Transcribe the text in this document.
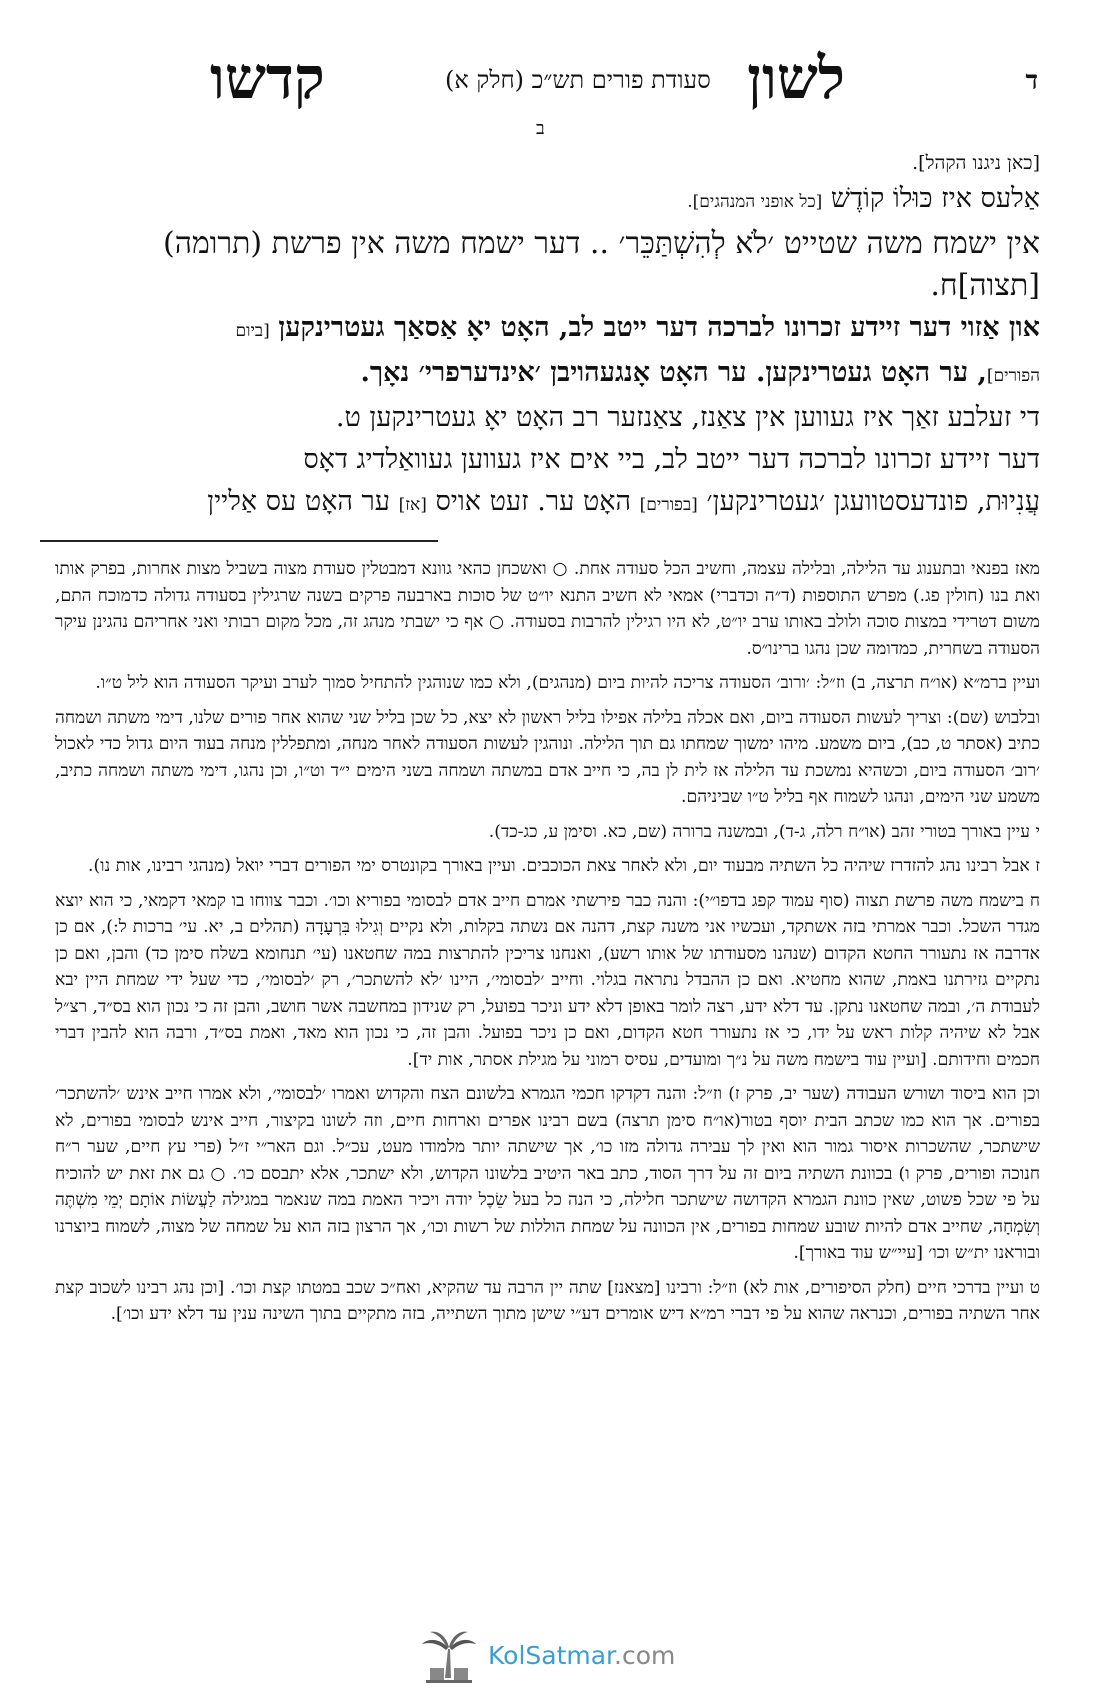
ד
לשון
סעודת פורים תש״כ (חלק א)
קדשו
ב

[כאן ניגנו הקהל].

אַלעס איז כּוּלוֹ קוֹדֶשׁ [כל אופני המנהגים].

אין ישמח משה שטייט ׳לֹא לְהִשְׁתַּכֵּר׳ .. דער ישמח משה אין פרשת (תרומה)

[תצוה]ח.

און אַזוי דער זיידע זכרונו לברכה דער ייטב לב, האָט יאָ אַסאַך געטרינקען [ביום

הפורים], ער האָט געטרינקען. ער האָט אָנגעהויבן ׳אינדערפרי׳ נאָך.

די זעלבע זאַך איז געווען אין צאַנז, צאַנזער רב האָט יאָ געטרינקען ט.

דער זיידע זכרונו לברכה דער ייטב לב, ביי אים איז געווען געוואַלדיג דאָס

עֲנִיוּת, פונדעסטוועגן ׳געטרינקען׳ [בפורים] האָט ער. זעט אויס [אז] ער האָט עס אַליין

מאז בפנאי ובתענוג עד הלילה, ובלילה עצמה, וחשיב הכל סעודה אחת. ○ ואשכחן כהאי גוונא דמבטלין סעודת מצוה בשביל מצות אחרות, בפרק אותו ואת בנו (חולין פג.) מפרש התוספות (ד״ה וכדברי) אמאי לא חשיב התנא יו״ט של סוכות בארבעה פרקים בשנה שרגילין בסעודה גדולה כדמוכח התם, משום דטרידי במצות סוכה ולולב באותו ערב יו״ט, לא היו רגילין להרבות בסעודה. ○ אף כי ישבתי מנהג זה, מכל מקום רבותי ואני אחריהם נהגינן עיקר הסעודה בשחרית, כמדומה שכן נהגו ברינו״ס.

ועיין ברמ״א (או״ח תרצה, ב) וז״ל: ׳ורוב׳ הסעודה צריכה להיות ביום (מנהגים), ולא כמו שנוהגין להתחיל סמוך לערב ועיקר הסעודה הוא ליל ט״ו.

ובלבוש (שם): וצריך לעשות הסעודה ביום, ואם אכלה בלילה אפילו בליל ראשון לא יצא, כל שכן בליל שני שהוא אחר פורים שלנו, דימי משתה ושמחה כתיב (אסתר ט, כב), ביום משמע. מיהו ימשוך שמחתו גם תוך הלילה. ונוהגין לעשות הסעודה לאחר מנחה, ומתפללין מנחה בעוד היום גדול כדי לאכול ׳רוב׳ הסעודה ביום, וכשהיא נמשכת עד הלילה אז לית לן בה, כי חייב אדם במשתה ושמחה בשני הימים י״ד וט״ו, וכן נהגו, דימי משתה ושמחה כתיב, משמע שני הימים, ונהגו לשמוח אף בליל ט״ו שביניהם.

י עיין באורך בטורי זהב (או״ח רלה, ג-ד), ובמשנה ברורה (שם, כא. וסימן ע, כג-כד).

ז אבל רבינו נהג להזדרז שיהיה כל השתיה מבעוד יום, ולא לאחר צאת הכוכבים. ועיין באורך בקונטרס ימי הפורים דברי יואל (מנהגי רבינו, אות נו).

ח בישמח משה פרשת תצוה (סוף עמוד קפג בדפו״י): והנה כבר פירשתי אמרם חייב אדם לבסומי בפוריא וכו׳. וכבר צווחו בו קמאי דקמאי, כי הוא יוצא מגדר השכל. וכבר אמרתי בזה אשתקד, ועכשיו אני משנה קצת, דהנה אם נשתה בקלות, ולא נקיים וְגִילוּ בִּרְעָדָה (תהלים ב, יא. עי׳ ברכות ל:), אם כן אדרבה אז נתעורר החטא הקדום (שנהנו מסעודתו של אותו רשע), ואנחנו צריכין להתרצות במה שחטאנו (עי׳ תנחומא בשלח סימן כד) והבן, ואם כן נתקיים גזירתנו באמת, שהוא מחטיא. ואם כן ההבדל נתראה בגלוי. וחייב ׳לבסומי׳, היינו ׳לא להשתכר׳, רק ׳לבסומי׳, כדי שעל ידי שמחת היין יבא לעבודת ה׳, ובמה שחטאנו נתקן. עד דלא ידע, רצה לומר באופן דלא ידע וניכר בפועל, רק שנידון במחשבה אשר חושב, והבן זה כי נכון הוא בס״ד, רצ״ל אבל לא שיהיה קלות ראש על ידו, כי אז נתעורר חטא הקדום, ואם כן ניכר בפועל. והבן זה, כי נכון הוא מאד, ואמת בס״ד, ורבה הוא להבין דברי חכמים וחידותם. [ועיין עוד בישמח משה על נ״ך ומועדים, עסיס רמוני על מגילת אסתר, אות יד].

וכן הוא ביסוד ושורש העבודה (שער יב, פרק ז) וז״ל: והנה דקדקו חכמי הגמרא בלשונם הצח והקדוש ואמרו ׳לבסומי׳, ולא אמרו חייב אינש ׳להשתכר׳ בפורים. אך הוא כמו שכתב הבית יוסף בטור(או״ח סימן תרצה) בשם רבינו אפרים וארחות חיים, וזה לשונו בקיצור, חייב אינש לבסומי בפורים, לא שישתכר, שהשכרות איסור גמור הוא ואין לך עבירה גדולה מזו כו׳, אך שישתה יותר מלמודו מעט, עכ״ל. וגם האר״י ז״ל (פרי עץ חיים, שער ר״ח חנוכה ופורים, פרק ו) בכוונת השתיה ביום זה על דרך הסוד, כתב באר היטיב בלשונו הקדוש, ולא ישתכר, אלא יתבסם כו׳. ○ גם את זאת יש להוכיח על פי שכל פשוט, שאין כוונת הגמרא הקדושה שישתכר חלילה, כי הנה כל בעל שֵׂכֶל יודה ויכיר האמת במה שנאמר במגילה לַעֲשׂוֹת אוֹתָם יְמֵי מִשְׁתֶּה וְשִׂמְחָה, שחייב אדם להיות שובע שמחות בפורים, אין הכוונה על שמחת הוללות של רשות וכו׳, אך הרצון בזה הוא על שמחה של מצוה, לשמוח ביוצרנו ובוראנו ית״ש וכו׳ [עיי״ש עוד באורך].

ט ועיין בדרכי חיים (חלק הסיפורים, אות לא) וז״ל: ורבינו [מצאנז] שתה יין הרבה עד שהקיא, ואח״כ שכב במטתו קצת וכו׳. [וכן נהג רבינו לשכוב קצת אחר השתיה בפורים, וכנראה שהוא על פי דברי רמ״א דיש אומרים דע״י שישן מתוך השתייה, בזה מתקיים בתוך השינה ענין עד דלא ידע וכו׳].

KolSatmar.com
